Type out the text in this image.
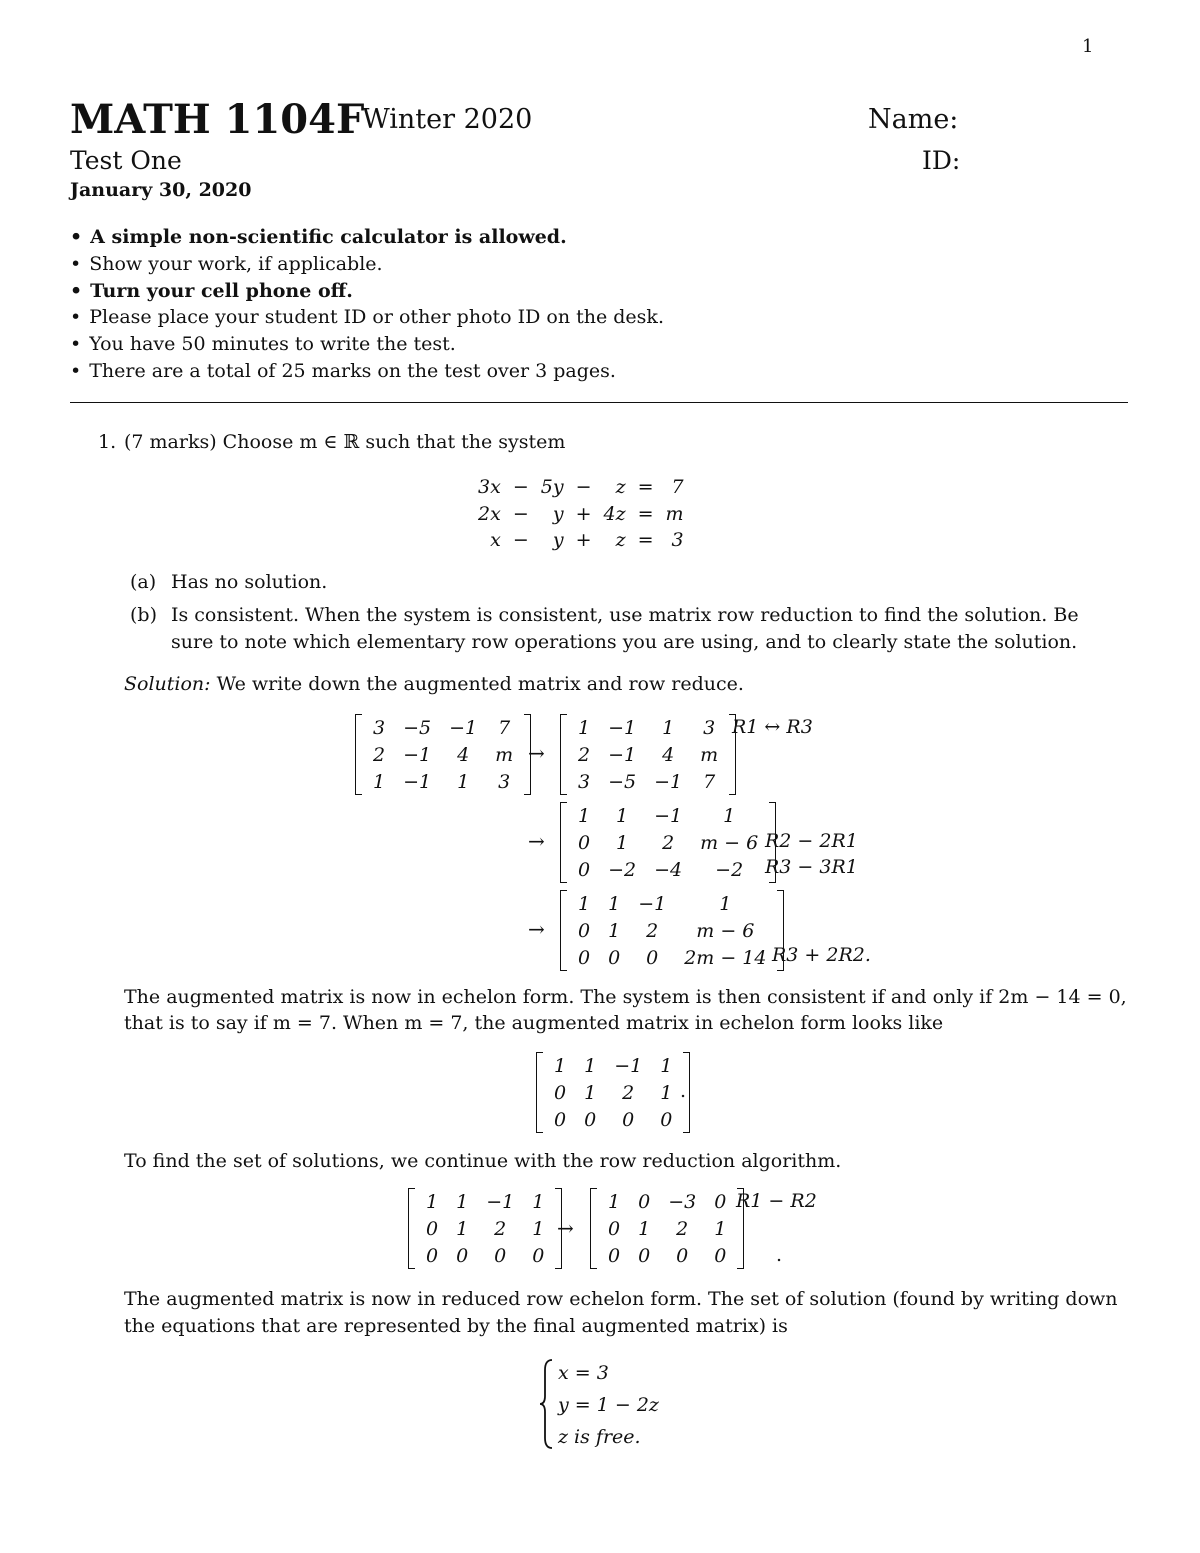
1
MATH 1104F
Winter 2020	Name:
Test One	ID:
January 30, 2020
• A simple non-scientific calculator is allowed.
• Show your work, if applicable.
• Turn your cell phone off.
• Please place your student ID or other photo ID on the desk.
• You have 50 minutes to write the test.
• There are a total of 25 marks on the test over 3 pages.
1. (7 marks) Choose m ∈ ℝ such that the system
3x	−	5y	−	z	=	7
2x	−	y	+	4z	=	m
x	−	y	+	z	=	3
(a) Has no solution.
(b) Is consistent. When the system is consistent, use matrix row reduction to find the solution. Be
sure to note which elementary row operations you are using, and to clearly state the solution.
Solution: We write down the augmented matrix and row reduce.
3	−5	−1	7
2	−1	4	m
1	−1	1	3
→
1	−1	1	3
2	−1	4	m
3	−5	−1	7
R1 ↔ R3
→
1	1	−1	1
0	1	2	m − 6
0	−2	−4	−2
R2 − 2R1
R3 − 3R1
→
1	1	−1	1
0	1	2	m − 6
0	0	0	2m − 14 R3 + 2R2.
The augmented matrix is now in echelon form. The system is then consistent if and only if 2m − 14 = 0,
that is to say if m = 7. When m = 7, the augmented matrix in echelon form looks like
1	1	−1	1
0	1	2	1
0	0	0	0
.
To find the set of solutions, we continue with the row reduction algorithm.
1	1	−1	1
0	1	2	1
0	0	0	0
→
1	0	−3	0
0	1	2	1
0	0	0	0
R1 − R2
.
The augmented matrix is now in reduced row echelon form. The set of solution (found by writing down
the equations that are represented by the final augmented matrix) is
x = 3
y = 1 − 2z
z is free.
